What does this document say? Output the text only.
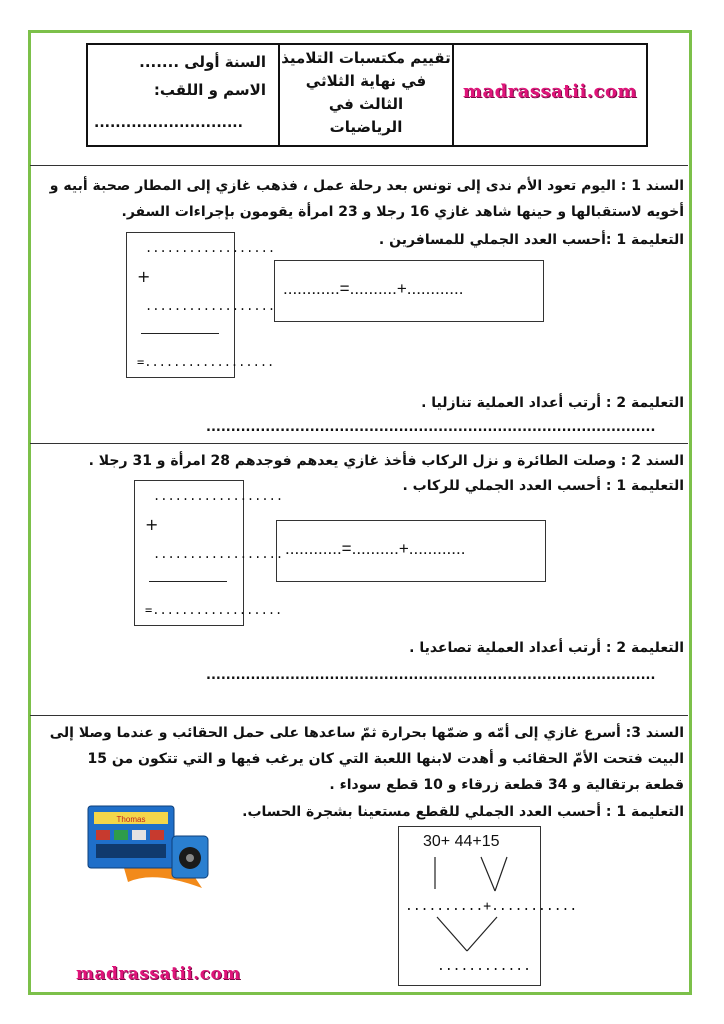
السنة أولى .......
الاسم و اللقب:
............................
تقييم مكتسبات التلاميذ
في نهاية الثلاثي
الثالث في
الرياضيات
madrassatii.com
السند 1 : اليوم تعود الأم ندى إلى تونس بعد رحلة عمل ، فذهب غازي إلى المطار صحبة أبيه و
أخويه لاستقبالها و حينها شاهد غازي 16 رجلا و 23 امرأة يقومون بإجراءات السفر.
التعليمة 1 :أحسب العدد الجملي للمسافرين .
..................
+
..................
=..................
............=..........+............
التعليمة 2 : أرتب أعداد العملية تنازليا .
...........................................................................................
السند 2 : وصلت الطائرة و نزل الركاب فأخذ غازي يعدهم فوجدهم 28 امرأة و 31 رجلا .
التعليمة 1 : أحسب العدد الجملي للركاب .
..................
+
..................
=..................
............=..........+............
التعليمة 2 : أرتب أعداد العملية تصاعديا .
...........................................................................................
السند 3: أسرع غازي إلى أمّه و ضمّها بحرارة ثمّ ساعدها على حمل الحقائب و عندما وصلا إلى
البيت فتحت الأمّ الحقائب و أهدت لابنها اللعبة التي كان يرغب فيها و التي تتكون من 15
قطعة برتقالية و 34 قطعة زرقاء و 10 قطع سوداء .
التعليمة 1 : أحسب العدد الجملي للقطع مستعينا بشجرة الحساب.
Thomas
30+ 44+15
..........+...........
............
madrassatii.com
